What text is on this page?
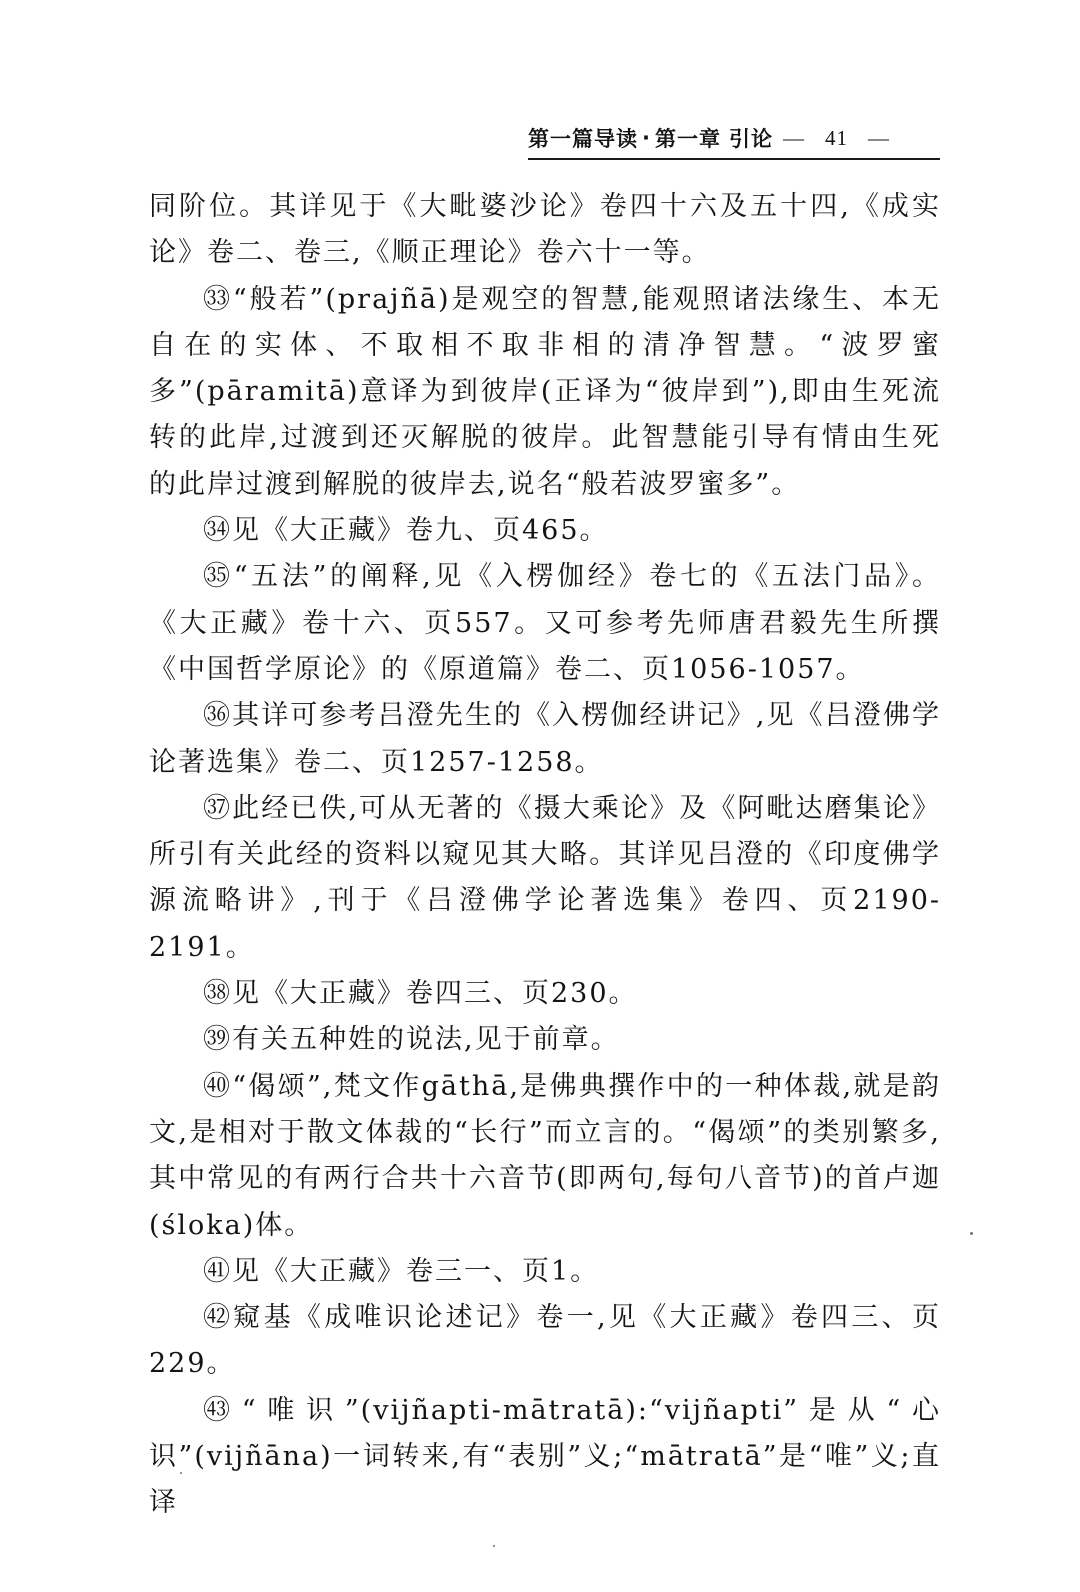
第一篇 导读 · 第一章 引论 — 41 —

同阶位。其详见于《大毗婆沙论》卷四十六及五十四,《成实论》卷二、卷三,《顺正理论》卷六十一等。

㉝“般若”(prajñā)是观空的智慧,能观照诸法缘生、本无自在的实体、不取相不取非相的清净智慧。“波罗蜜多”(pāramitā)意译为到彼岸(正译为“彼岸到”),即由生死流转的此岸,过渡到还灭解脱的彼岸。此智慧能引导有情由生死的此岸过渡到解脱的彼岸去,说名“般若波罗蜜多”。

㉞见《大正藏》卷九、页465。

㉟“五法”的阐释,见《入楞伽经》卷七的《五法门品》。《大正藏》卷十六、页557。又可参考先师唐君毅先生所撰《中国哲学原论》的《原道篇》卷二、页1056-1057。

㊱其详可参考吕澄先生的《入楞伽经讲记》,见《吕澄佛学论著选集》卷二、页1257-1258。

㊲此经已佚,可从无著的《摄大乘论》及《阿毗达磨集论》所引有关此经的资料以窥见其大略。其详见吕澄的《印度佛学源流略讲》,刊于《吕澄佛学论著选集》卷四、页2190-2191。

㊳见《大正藏》卷四三、页230。

㊴有关五种姓的说法,见于前章。

㊵“偈颂”,梵文作gāthā,是佛典撰作中的一种体裁,就是韵文,是相对于散文体裁的“长行”而立言的。“偈颂”的类别繁多,其中常见的有两行合共十六音节(即两句,每句八音节)的首卢迦(śloka)体。

㊶见《大正藏》卷三一、页1。

㊷窥基《成唯识论述记》卷一,见《大正藏》卷四三、页229。

㊸“唯识”(vijñapti-mātratā):“vijñapti”是从“心识”(vijñāna)一词转来,有“表别”义;“mātratā”是“唯”义;直译
